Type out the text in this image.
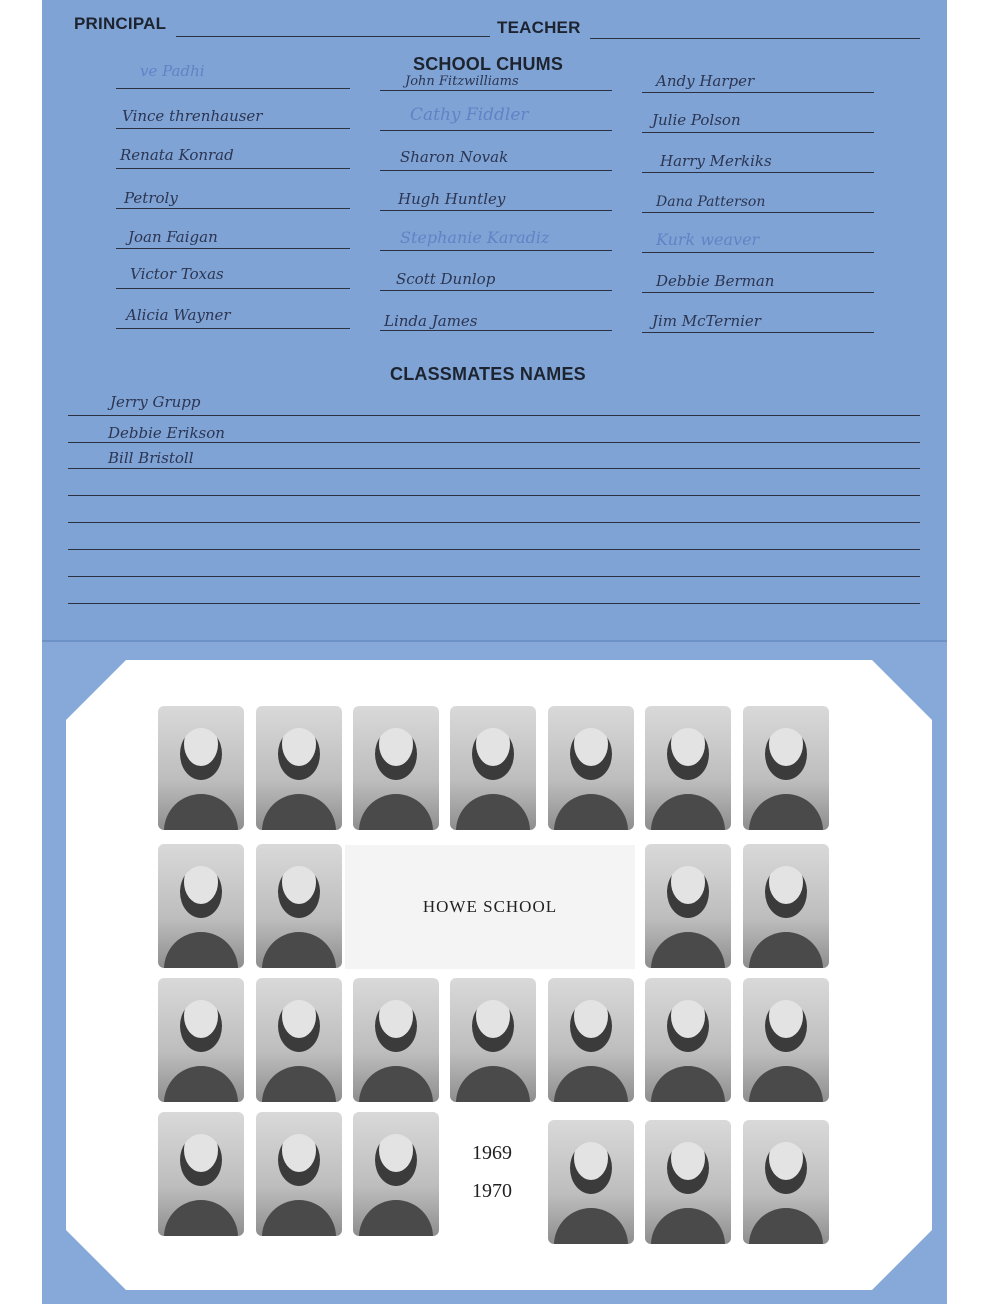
PRINCIPAL	TEACHER
SCHOOL CHUMS
ve Padhi
Vince threnhauser
Renata Konrad
Petroly
Joan Faigan
Victor Toxas
Alicia Wayner
John Fitzwilliams
Cathy Fiddler
Sharon Novak
Hugh Huntley
Stephanie Karadiz
Scott Dunlop
Linda James
Andy Harper
Julie Polson
Harry Merkiks
Dana Patterson
Kurk weaver
Debbie Berman
Jim McTernier
CLASSMATES NAMES
Jerry Grupp
Debbie Erikson
Bill Bristoll
HOWE SCHOOL
1969
1970
